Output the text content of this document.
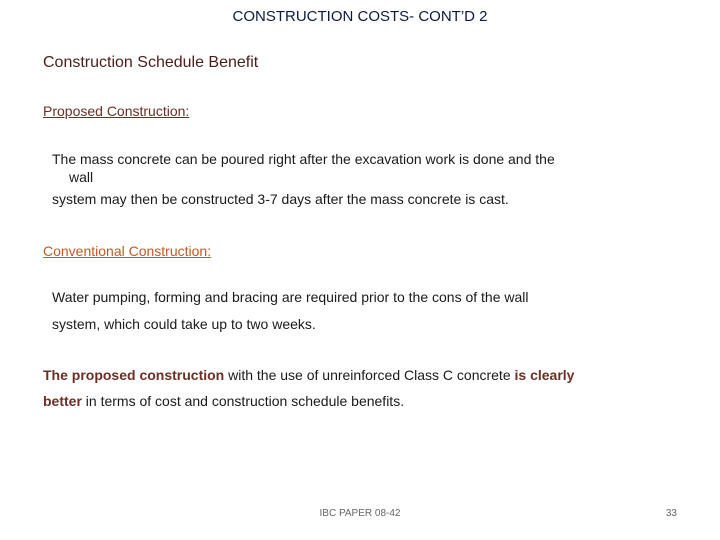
CONSTRUCTION COSTS- CONT’D 2
Construction Schedule Benefit
Proposed Construction:
The mass concrete can be poured right after the excavation work is done and the
wall
system may then be constructed 3-7 days after the mass concrete is cast.
Conventional Construction:
Water pumping, forming and bracing are required prior to the cons of the wall
system, which could take up to two weeks.
The proposed construction with the use of unreinforced Class C concrete is clearly
better in terms of cost and construction schedule benefits.
IBC PAPER 08-42	33
